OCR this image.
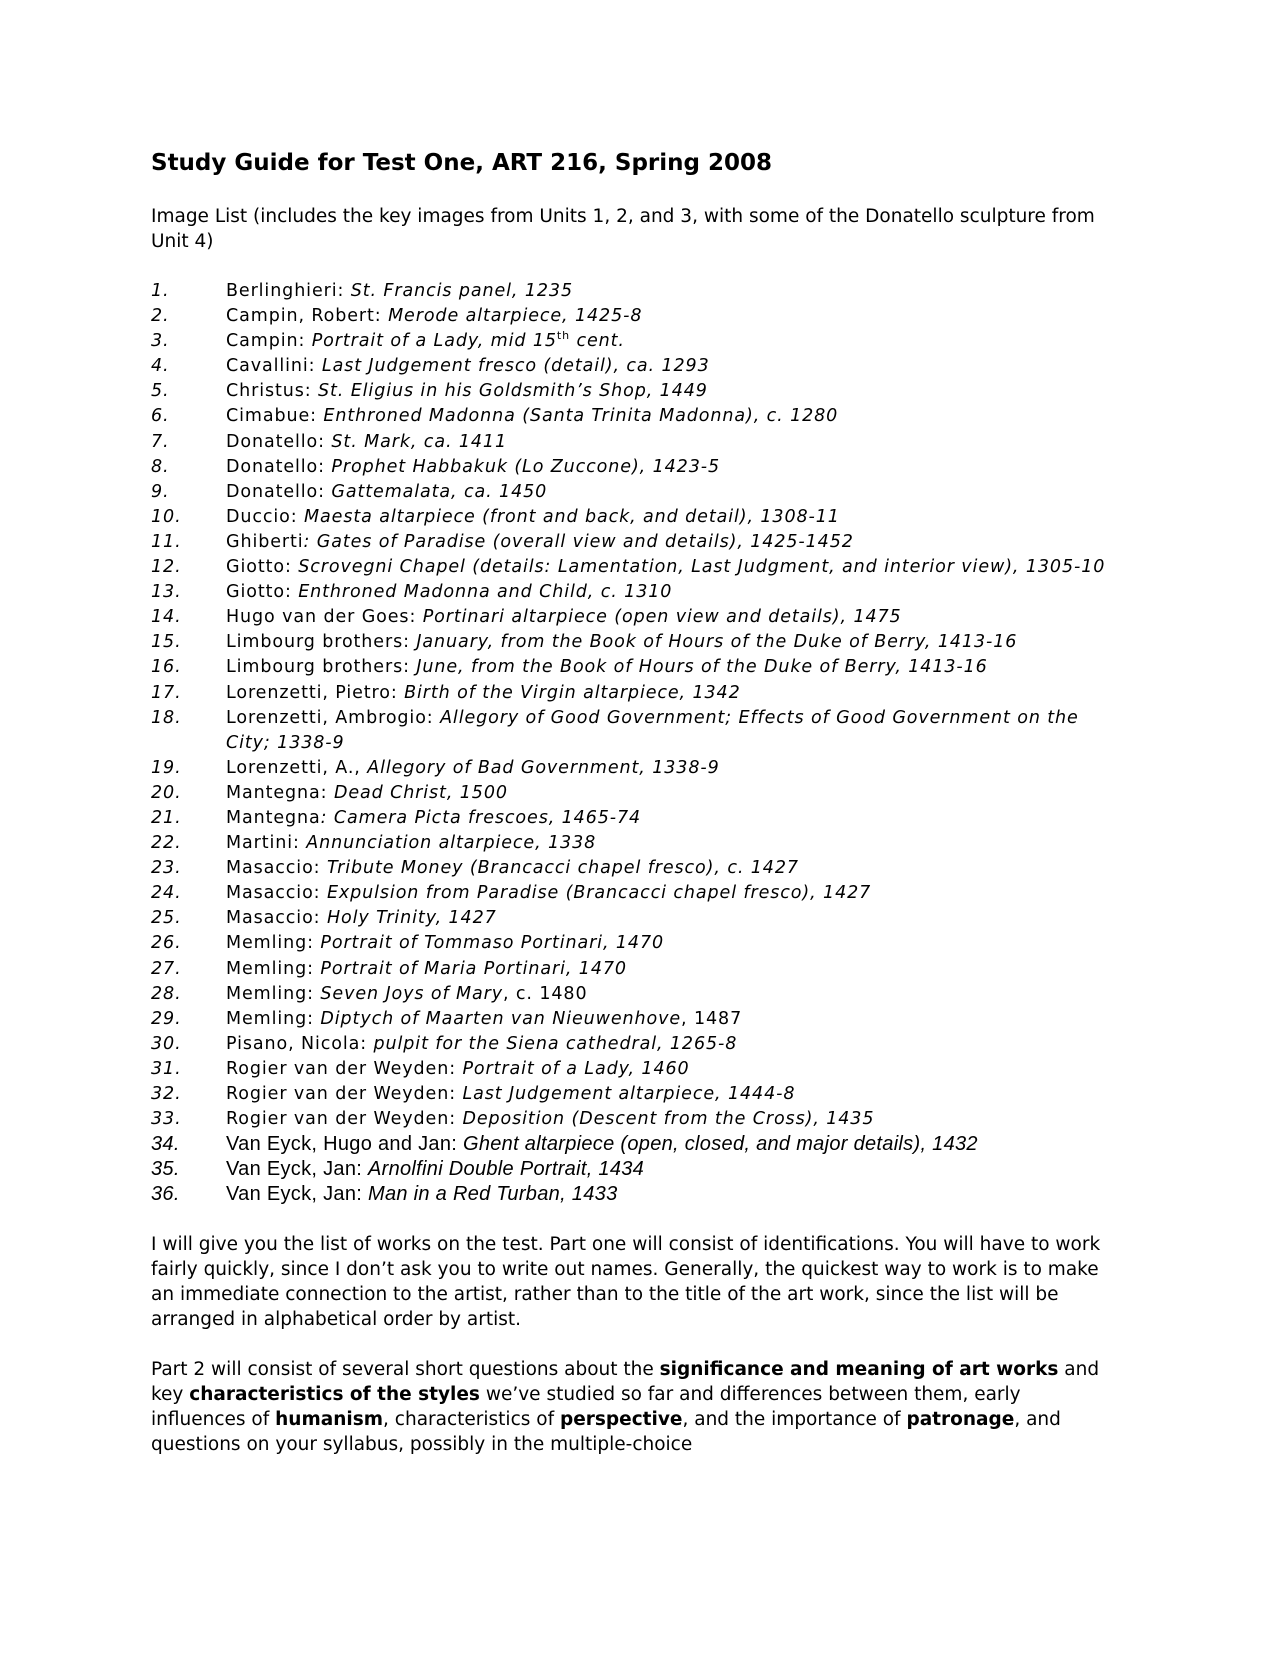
Study Guide for Test One, ART 216, Spring 2008
Image List (includes the key images from Units 1, 2, and 3, with some of the Donatello sculpture from Unit 4)
1.	Berlinghieri: St. Francis panel, 1235
2.	Campin, Robert: Merode altarpiece, 1425-8
3.	Campin: Portrait of a Lady, mid 15th cent.
4.	Cavallini: Last Judgement fresco (detail), ca. 1293
5.	Christus: St. Eligius in his Goldsmith’s Shop, 1449
6.	Cimabue: Enthroned Madonna (Santa Trinita Madonna), c. 1280
7.	Donatello: St. Mark, ca. 1411
8.	Donatello: Prophet Habbakuk (Lo Zuccone), 1423-5
9.	Donatello: Gattemalata, ca. 1450
10.	Duccio: Maesta altarpiece (front and back, and detail), 1308-11
11.	Ghiberti: Gates of Paradise (overall view and details), 1425-1452
12.	Giotto: Scrovegni Chapel (details: Lamentation, Last Judgment, and interior view), 1305-10
13.	Giotto: Enthroned Madonna and Child, c. 1310
14.	Hugo van der Goes: Portinari altarpiece (open view and details), 1475
15.	Limbourg brothers: January, from the Book of Hours of the Duke of Berry, 1413-16
16.	Limbourg brothers: June, from the Book of Hours of the Duke of Berry, 1413-16
17.	Lorenzetti, Pietro: Birth of the Virgin altarpiece, 1342
18.	Lorenzetti, Ambrogio: Allegory of Good Government; Effects of Good Government on the City; 1338-9
19.	Lorenzetti, A., Allegory of Bad Government, 1338-9
20.	Mantegna: Dead Christ, 1500
21.	Mantegna: Camera Picta frescoes, 1465-74
22.	Martini: Annunciation altarpiece, 1338
23.	Masaccio: Tribute Money (Brancacci chapel fresco), c. 1427
24.	Masaccio: Expulsion from Paradise (Brancacci chapel fresco), 1427
25.	Masaccio: Holy Trinity, 1427
26.	Memling: Portrait of Tommaso Portinari, 1470
27.	Memling: Portrait of Maria Portinari, 1470
28.	Memling: Seven Joys of Mary, c. 1480
29.	Memling: Diptych of Maarten van Nieuwenhove, 1487
30.	Pisano, Nicola: pulpit for the Siena cathedral, 1265-8
31.	Rogier van der Weyden: Portrait of a Lady, 1460
32.	Rogier van der Weyden: Last Judgement altarpiece, 1444-8
33.	Rogier van der Weyden: Deposition (Descent from the Cross), 1435
34.	Van Eyck, Hugo and Jan: Ghent altarpiece (open, closed, and major details), 1432
35.	Van Eyck, Jan: Arnolfini Double Portrait, 1434
36.	Van Eyck, Jan: Man in a Red Turban, 1433

I will give you the list of works on the test. Part one will consist of identifications. You will have to work fairly quickly, since I don’t ask you to write out names. Generally, the quickest way to work is to make an immediate connection to the artist, rather than to the title of the art work, since the list will be arranged in alphabetical order by artist.

Part 2 will consist of several short questions about the significance and meaning of art works and key characteristics of the styles we’ve studied so far and differences between them, early influences of humanism, characteristics of perspective, and the importance of patronage, and questions on your syllabus, possibly in the multiple-choice
